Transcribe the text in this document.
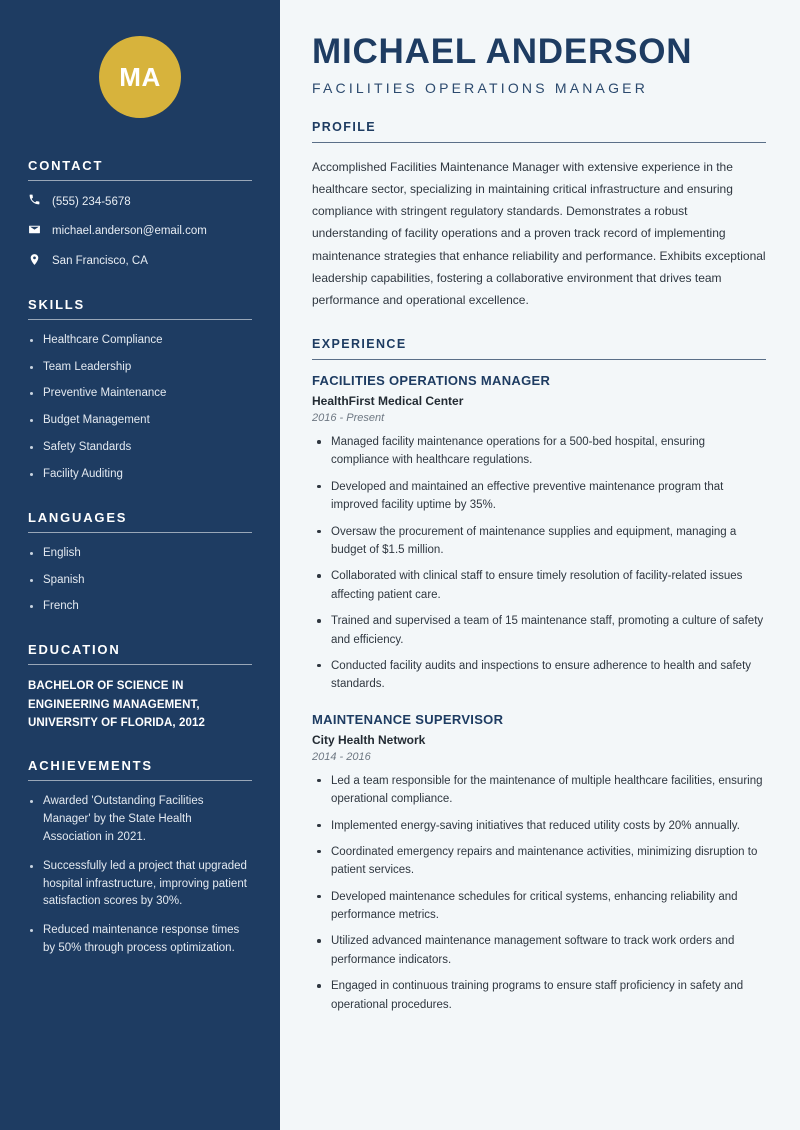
MA
CONTACT
(555) 234-5678
michael.anderson@email.com
San Francisco, CA
SKILLS
Healthcare Compliance
Team Leadership
Preventive Maintenance
Budget Management
Safety Standards
Facility Auditing
LANGUAGES
English
Spanish
French
EDUCATION
BACHELOR OF SCIENCE IN ENGINEERING MANAGEMENT, UNIVERSITY OF FLORIDA, 2012
ACHIEVEMENTS
Awarded 'Outstanding Facilities Manager' by the State Health Association in 2021.
Successfully led a project that upgraded hospital infrastructure, improving patient satisfaction scores by 30%.
Reduced maintenance response times by 50% through process optimization.
MICHAEL ANDERSON
FACILITIES OPERATIONS MANAGER
PROFILE

Accomplished Facilities Maintenance Manager with extensive experience in the healthcare sector, specializing in maintaining critical infrastructure and ensuring compliance with stringent regulatory standards. Demonstrates a robust understanding of facility operations and a proven track record of implementing maintenance strategies that enhance reliability and performance. Exhibits exceptional leadership capabilities, fostering a collaborative environment that drives team performance and operational excellence.

EXPERIENCE
FACILITIES OPERATIONS MANAGER
HealthFirst Medical Center
2016 - Present
Managed facility maintenance operations for a 500-bed hospital, ensuring compliance with healthcare regulations.
Developed and maintained an effective preventive maintenance program that improved facility uptime by 35%.
Oversaw the procurement of maintenance supplies and equipment, managing a budget of $1.5 million.
Collaborated with clinical staff to ensure timely resolution of facility-related issues affecting patient care.
Trained and supervised a team of 15 maintenance staff, promoting a culture of safety and efficiency.
Conducted facility audits and inspections to ensure adherence to health and safety standards.
MAINTENANCE SUPERVISOR
City Health Network
2014 - 2016
Led a team responsible for the maintenance of multiple healthcare facilities, ensuring operational compliance.
Implemented energy-saving initiatives that reduced utility costs by 20% annually.
Coordinated emergency repairs and maintenance activities, minimizing disruption to patient services.
Developed maintenance schedules for critical systems, enhancing reliability and performance metrics.
Utilized advanced maintenance management software to track work orders and performance indicators.
Engaged in continuous training programs to ensure staff proficiency in safety and operational procedures.
